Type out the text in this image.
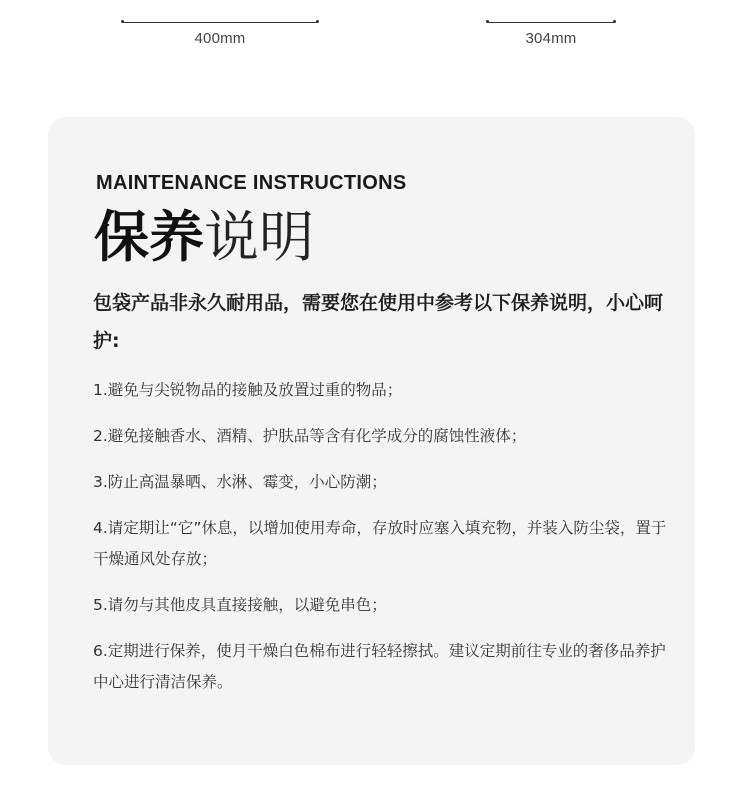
400mm	304mm
MAINTENANCE INSTRUCTIONS
保养说明
包袋产品非永久耐用品，需要您在使用中参考以下保养说明，小心呵护:
1.避免与尖锐物品的接触及放置过重的物品；
2.避免接触香水、酒精、护肤品等含有化学成分的腐蚀性液体；
3.防止高温暴晒、水淋、霉变，小心防潮；
4.请定期让“它”休息，以增加使用寿命，存放时应塞入填充物，并装入防尘袋，置于干燥通风处存放；
5.请勿与其他皮具直接接触，以避免串色；
6.定期进行保养，使月干燥白色棉布进行轻轻擦拭。建议定期前往专业的奢侈品养护中心进行清洁保养。
